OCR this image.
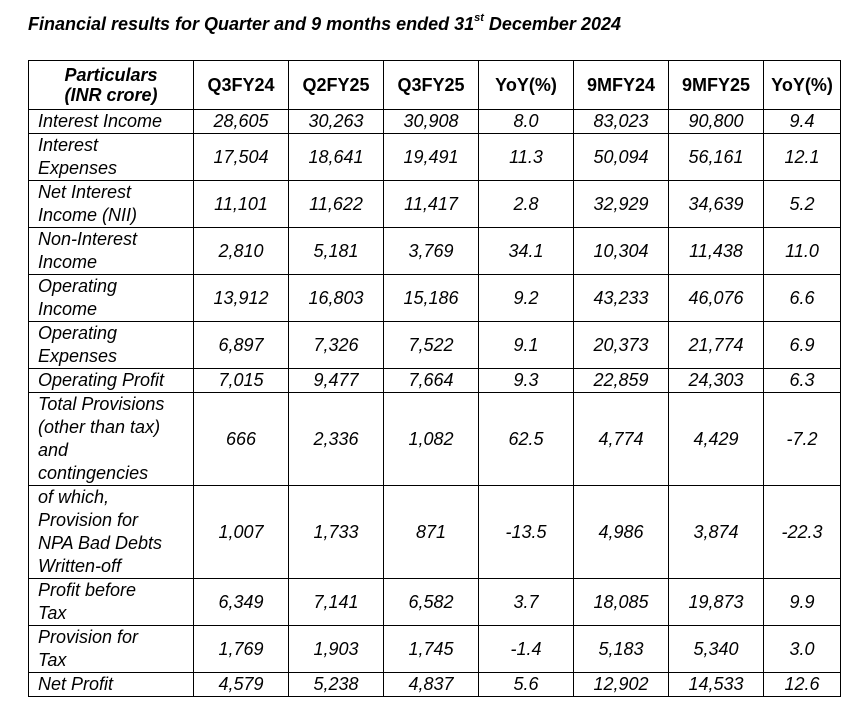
Financial results for Quarter and 9 months ended 31st December 2024
Particulars
(INR crore)	Q3FY24	Q2FY25	Q3FY25	YoY(%)	9MFY24	9MFY25	YoY(%)

Interest Income	28,605	30,263	30,908	8.0	83,023	90,800	9.4

Interest
Expenses	17,504	18,641	19,491	11.3	50,094	56,161	12.1

Net Interest
Income (NII)	11,101	11,622	11,417	2.8	32,929	34,639	5.2

Non-Interest
Income	2,810	5,181	3,769	34.1	10,304	11,438	11.0

Operating
Income	13,912	16,803	15,186	9.2	43,233	46,076	6.6

Operating
Expenses	6,897	7,326	7,522	9.1	20,373	21,774	6.9

Operating Profit	7,015	9,477	7,664	9.3	22,859	24,303	6.3

Total Provisions
(other than tax)
and
contingencies	666	2,336	1,082	62.5	4,774	4,429	-7.2

of which,
Provision for
NPA Bad Debts
Written-off	1,007	1,733	871	-13.5	4,986	3,874	-22.3

Profit before
Tax	6,349	7,141	6,582	3.7	18,085	19,873	9.9

Provision for
Tax	1,769	1,903	1,745	-1.4	5,183	5,340	3.0

Net Profit	4,579	5,238	4,837	5.6	12,902	14,533	12.6
